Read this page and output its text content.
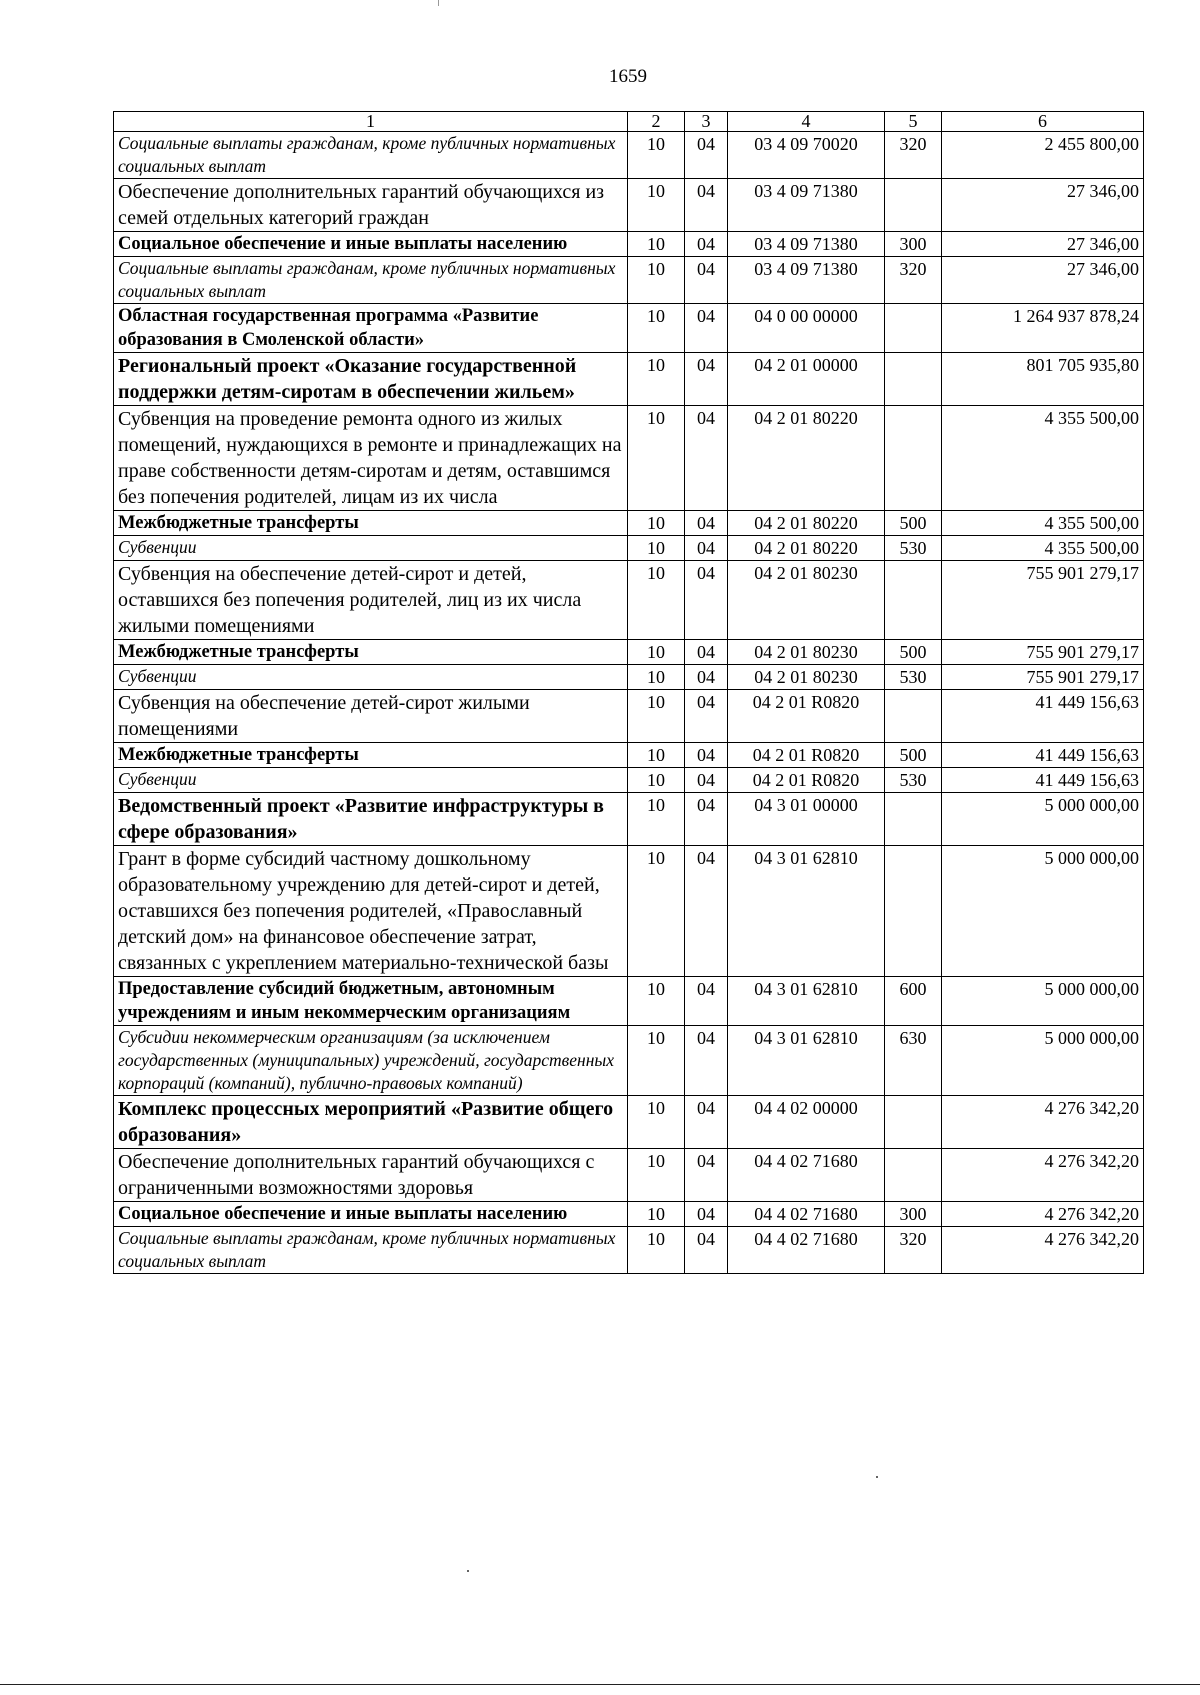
1659
1	2	3	4	5	6
Социальные выплаты гражданам, кроме публичных нормативных социальных выплат	10	04	03 4 09 70020	320	2 455 800,00
Обеспечение дополнительных гарантий обучающихся из семей отдельных категорий граждан	10	04	03 4 09 71380		27 346,00
Социальное обеспечение и иные выплаты населению	10	04	03 4 09 71380	300	27 346,00
Социальные выплаты гражданам, кроме публичных нормативных социальных выплат	10	04	03 4 09 71380	320	27 346,00
Областная государственная программа «Развитие образования в Смоленской области»	10	04	04 0 00 00000		1 264 937 878,24
Региональный проект «Оказание государственной поддержки детям-сиротам в обеспечении жильем»	10	04	04 2 01 00000		801 705 935,80
Субвенция на проведение ремонта одного из жилых помещений, нуждающихся в ремонте и принадлежащих на праве собственности детям-сиротам и детям, оставшимся без попечения родителей, лицам из их числа	10	04	04 2 01 80220		4 355 500,00
Межбюджетные трансферты	10	04	04 2 01 80220	500	4 355 500,00
Субвенции	10	04	04 2 01 80220	530	4 355 500,00
Субвенция на обеспечение детей-сирот и детей, оставшихся без попечения родителей, лиц из их числа жилыми помещениями	10	04	04 2 01 80230		755 901 279,17
Межбюджетные трансферты	10	04	04 2 01 80230	500	755 901 279,17
Субвенции	10	04	04 2 01 80230	530	755 901 279,17
Субвенция на обеспечение детей-сирот жилыми помещениями	10	04	04 2 01 R0820		41 449 156,63
Межбюджетные трансферты	10	04	04 2 01 R0820	500	41 449 156,63
Субвенции	10	04	04 2 01 R0820	530	41 449 156,63
Ведомственный проект «Развитие инфраструктуры в сфере образования»	10	04	04 3 01 00000		5 000 000,00
Грант в форме субсидий частному дошкольному образовательному учреждению для детей-сирот и детей, оставшихся без попечения родителей, «Православный детский дом» на финансовое обеспечение затрат, связанных с укреплением материально-технической базы	10	04	04 3 01 62810		5 000 000,00
Предоставление субсидий бюджетным, автономным учреждениям и иным некоммерческим организациям	10	04	04 3 01 62810	600	5 000 000,00
Субсидии некоммерческим организациям (за исключением государственных (муниципальных) учреждений, государственных корпораций (компаний), публично-правовых компаний)	10	04	04 3 01 62810	630	5 000 000,00
Комплекс процессных мероприятий «Развитие общего образования»	10	04	04 4 02 00000		4 276 342,20
Обеспечение дополнительных гарантий обучающихся с ограниченными возможностями здоровья	10	04	04 4 02 71680		4 276 342,20
Социальное обеспечение и иные выплаты населению	10	04	04 4 02 71680	300	4 276 342,20
Социальные выплаты гражданам, кроме публичных нормативных социальных выплат	10	04	04 4 02 71680	320	4 276 342,20
